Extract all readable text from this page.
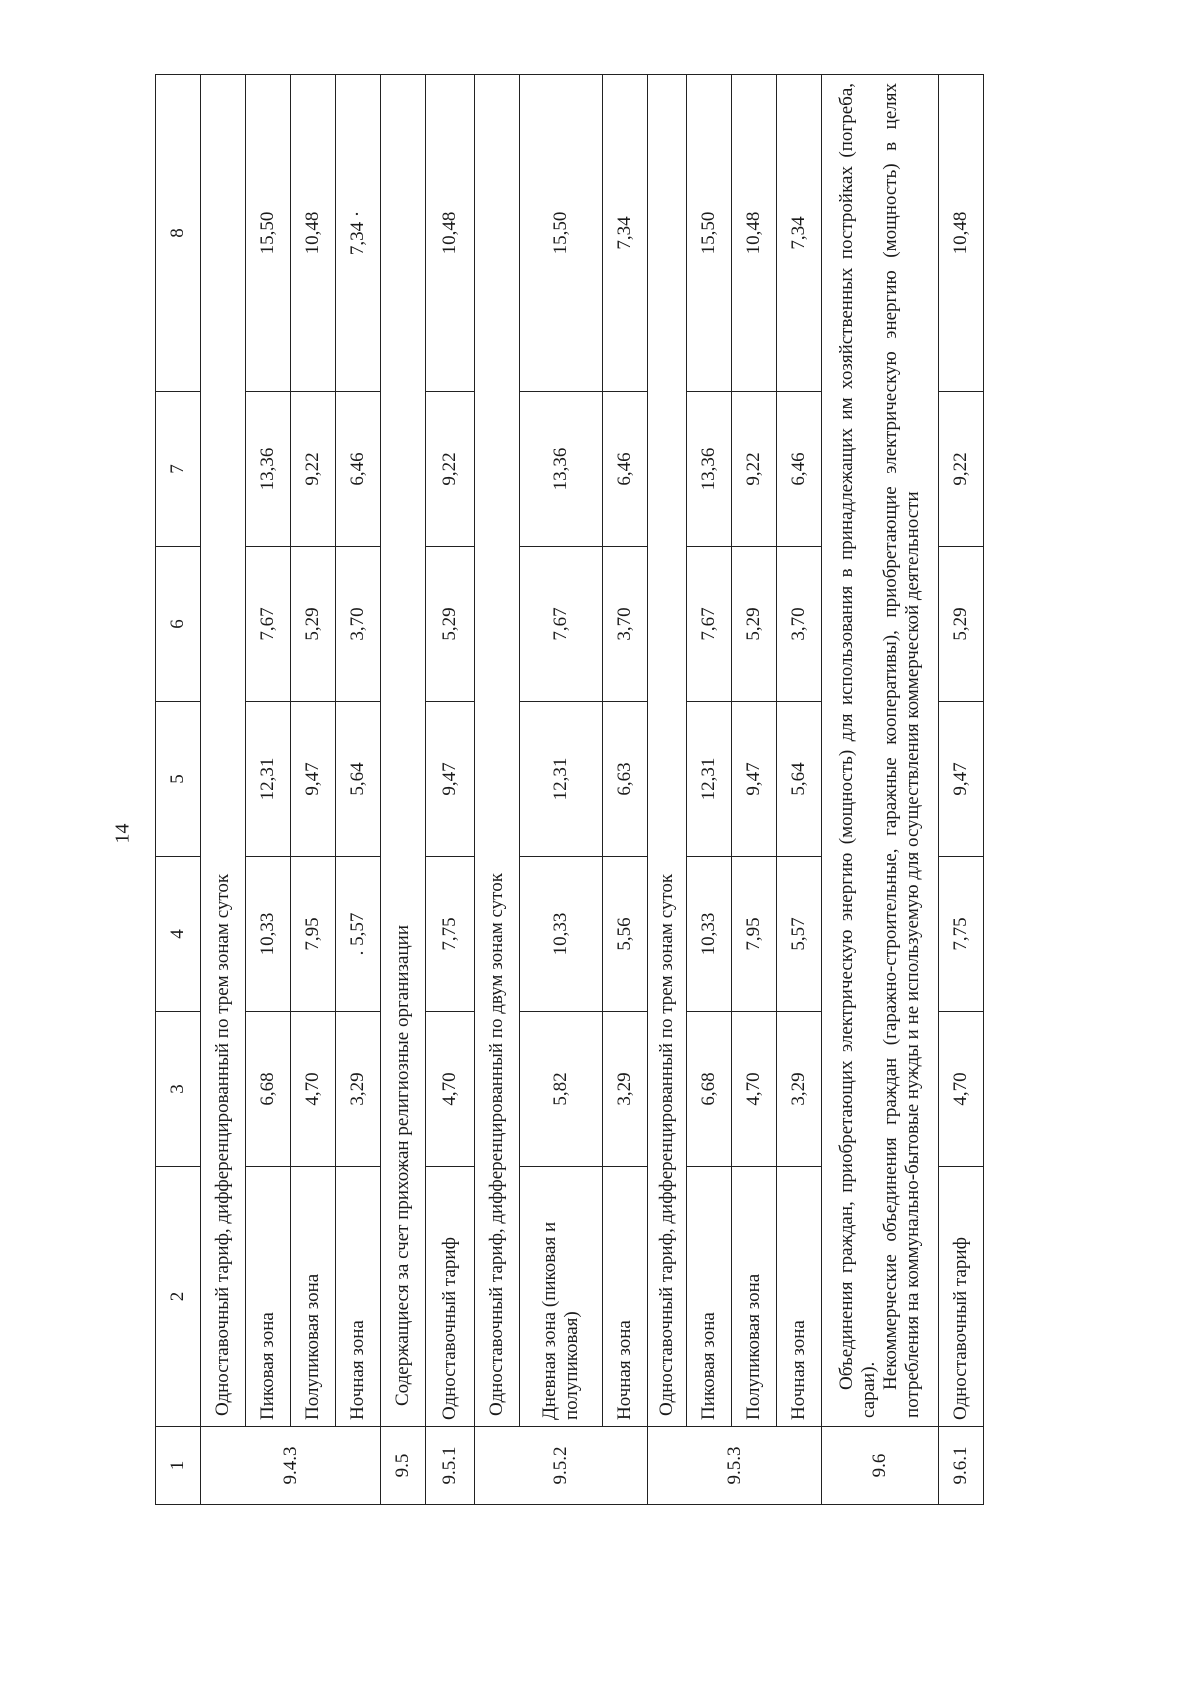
14
1	2	3	4	5	6	7	8
9.4.3	Одноставочный тариф, дифференцированный по трем зонам суток						
	Пиковая зона	6,68	10,33	12,31	7,67	13,36	15,50
	Полупиковая зона	4,70	7,95	9,47	5,29	9,22	10,48
	Ночная зона	3,29	. 5,57	5,64	3,70	6,46	7,34 ·
9.5	Содержащиеся за счет прихожан религиозные организации						
9.5.1	Одноставочный тариф	4,70	7,75	9,47	5,29	9,22	10,48
9.5.2	Одноставочный тариф, дифференцированный по двум зонам суток						
	Дневная зона (пиковая и полупиковая)	5,82	10,33	12,31	7,67	13,36	15,50
	Ночная зона	3,29	5,56	6,63	3,70	6,46	7,34
9.5.3	Одноставочный тариф, дифференцированный по трем зонам суток						
	Пиковая зона	6,68	10,33	12,31	7,67	13,36	15,50
	Полупиковая зона	4,70	7,95	9,47	5,29	9,22	10,48
	Ночная зона	3,29	5,57	5,64	3,70	6,46	7,34
9.6	Объединения граждан, приобретающих электрическую энергию (мощность) для использования в принадлежащих им хозяйственных постройках (погреба, сараи). Некоммерческие объединения граждан (гаражно-строительные, гаражные кооперативы), приобретающие электрическую энергию (мощность) в целях потребления на коммунально-бытовые нужды и не используемую для осуществления коммерческой деятельности						

9.6.1	Одноставочный тариф	4,70	7,75	9,47	5,29	9,22	10,48
